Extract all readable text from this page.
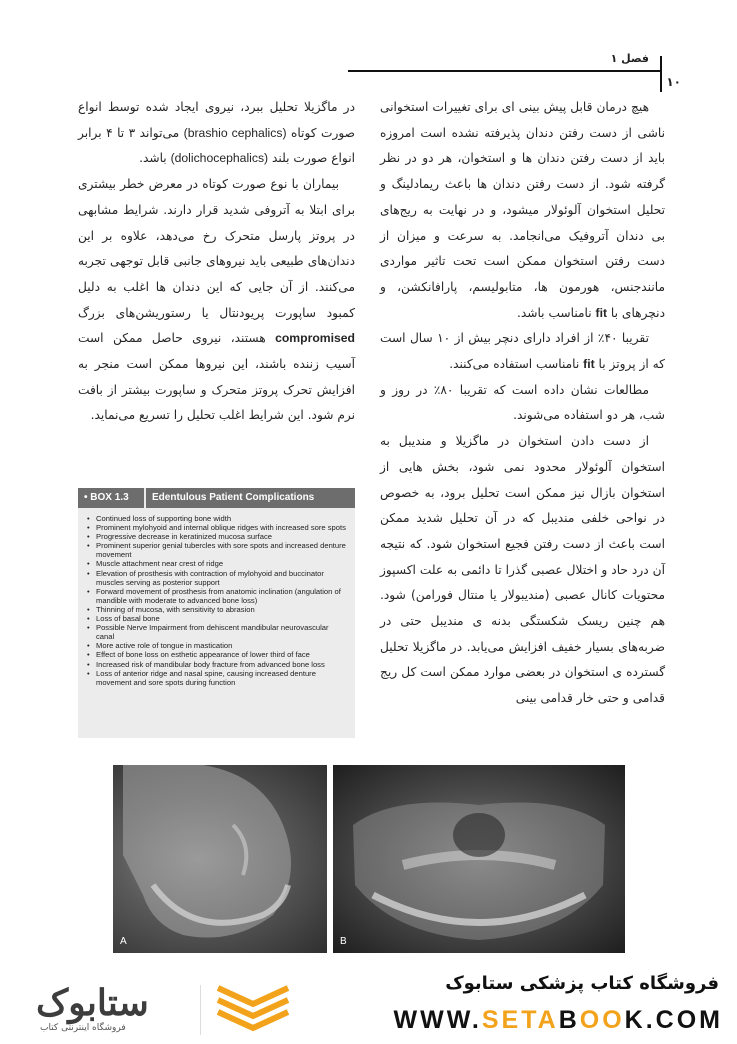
فصل ۱
۱۰

هیچ درمان قابل پیش بینی ای برای تغییرات استخوانی ناشی از دست رفتن دندان پذیرفته نشده است امروزه باید از دست رفتن دندان ها و استخوان، هر دو در نظر گرفته شود. از دست رفتن دندان ها باعث ریمادلینگ و تحلیل استخوان آلوئولار میشود، و در نهایت به ریج‌های بی دندان آتروفیک می‌انجامد. به سرعت و میزان از دست رفتن استخوان ممکن است تحت تاثیر مواردی مانندجنس، هورمون ها، متابولیسم، پارافانکشن، و دنچرهای با fit نامناسب باشد.

تقریبا ۴۰٪ از افراد دارای دنچر بیش از ۱۰ سال است که از پروتز با fit نامناسب استفاده می‌کنند.

مطالعات نشان داده است که تقریبا ۸۰٪ در روز و شب، هر دو استفاده می‌شوند.

از دست دادن استخوان در ماگزیلا و مندیبل به استخوان آلوئولار محدود نمی شود، بخش هایی از استخوان بازال نیز ممکن است تحلیل برود، به خصوص در نواحی خلفی مندیبل که در آن تحلیل شدید ممکن است باعث از دست رفتن فجیع استخوان شود. که نتیجه آن درد حاد و اختلال عصبی گذرا تا دائمی به علت اکسپوز محتویات کانال عصبی (مندیبولار یا منتال فورامن) شود. هم چنین ریسک شکستگی بدنه ی مندیبل حتی در ضربه‌های بسیار خفیف افزایش می‌یابد. در ماگزیلا تحلیل گسترده ی استخوان در بعضی موارد ممکن است کل ریج قدامی و حتی خار قدامی بینی

در ماگزیلا تحلیل ببرد، نیروی ایجاد شده توسط انواع صورت کوتاه (brashio cephalics) می‌تواند ۳ تا ۴ برابر انواع صورت بلند (dolichocephalics) باشد.

بیماران با نوع صورت کوتاه در معرض خطر بیشتری برای ابتلا به آتروفی شدید قرار دارند. شرایط مشابهی در پروتز پارسل متحرک رخ می‌دهد، علاوه بر این دندان‌های طبیعی باید نیروهای جانبی قابل توجهی تجربه می‌کنند. از آن جایی که این دندان ها اغلب به دلیل کمبود ساپورت پریودنتال یا رستوریشن‌های بزرگ compromised هستند، نیروی حاصل ممکن است آسیب زننده باشند، این نیروها ممکن است منجر به افزایش تحرک پروتز متحرک و ساپورت بیشتر از بافت نرم شود. این شرایط اغلب تحلیل را تسریع می‌نماید.

• BOX 1.3 Edentulous Patient Complications
• Continued loss of supporting bone width
• Prominent mylohyoid and internal oblique ridges with increased sore spots
• Progressive decrease in keratinized mucosa surface
• Prominent superior genial tubercles with sore spots and increased denture movement
• Muscle attachment near crest of ridge
• Elevation of prosthesis with contraction of mylohyoid and buccinator muscles serving as posterior support
• Forward movement of prosthesis from anatomic inclination (angulation of mandible with moderate to advanced bone loss)
• Thinning of mucosa, with sensitivity to abrasion
• Loss of basal bone
• Possible Nerve Impairment from dehiscent mandibular neurovascular canal
• More active role of tongue in mastication
• Effect of bone loss on esthetic appearance of lower third of face
• Increased risk of mandibular body fracture from advanced bone loss
• Loss of anterior ridge and nasal spine, causing increased denture movement and sore spots during function
A	B
ستابوک
فروشگاه اینترنتی کتاب
فروشگاه کتاب پزشکی ستابوک
WWW.SETABOOK.COM
